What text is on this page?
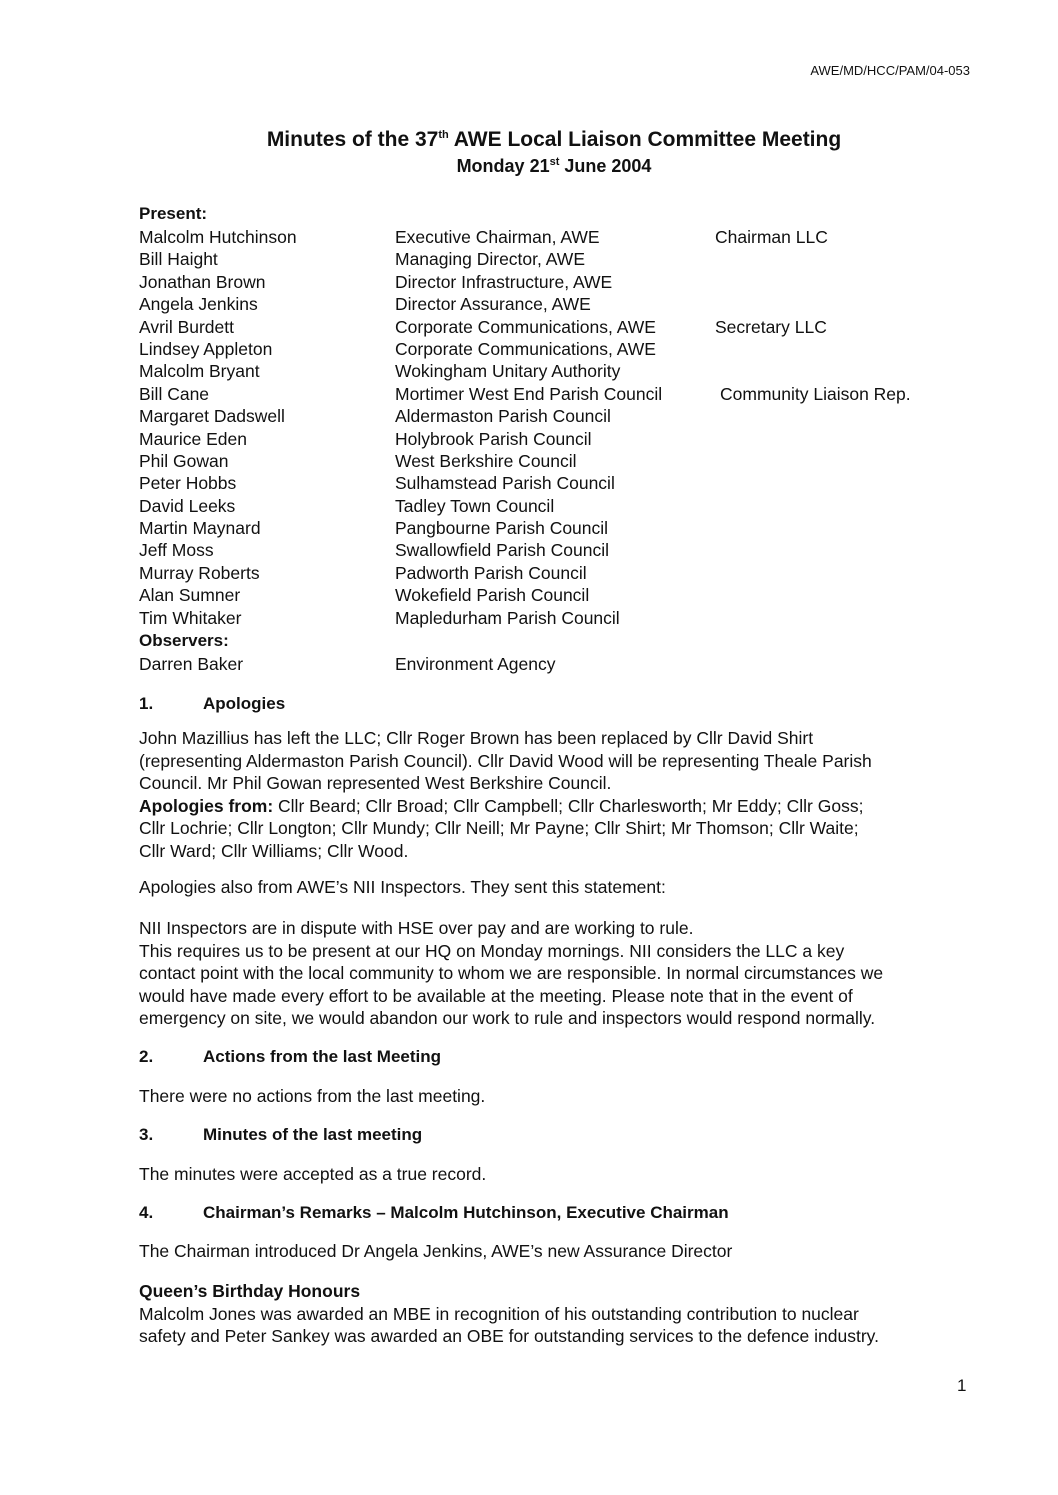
AWE/MD/HCC/PAM/04-053
Minutes of the 37th AWE Local Liaison Committee Meeting
Monday 21st June 2004
Present:
Malcolm Hutchinson	Executive Chairman, AWE	Chairman LLC
Bill Haight	Managing Director, AWE
Jonathan Brown	Director Infrastructure, AWE
Angela Jenkins	Director Assurance, AWE
Avril Burdett	Corporate Communications, AWE	Secretary LLC
Lindsey Appleton	Corporate Communications, AWE
Malcolm Bryant	Wokingham Unitary Authority
Bill Cane	Mortimer West End Parish Council	Community Liaison Rep.
Margaret Dadswell	Aldermaston Parish Council
Maurice Eden	Holybrook Parish Council
Phil Gowan	West Berkshire Council
Peter Hobbs	Sulhamstead Parish Council
David Leeks	Tadley Town Council
Martin Maynard	Pangbourne Parish Council
Jeff Moss	Swallowfield Parish Council
Murray Roberts	Padworth Parish Council
Alan Sumner	Wokefield Parish Council
Tim Whitaker	Mapledurham Parish Council
Observers:
Darren Baker	Environment Agency
1.	Apologies
John Mazillius has left the LLC; Cllr Roger Brown has been replaced by Cllr David Shirt
(representing Aldermaston Parish Council). Cllr David Wood will be representing Theale Parish
Council. Mr Phil Gowan represented West Berkshire Council.
Apologies from: Cllr Beard; Cllr Broad; Cllr Campbell; Cllr Charlesworth; Mr Eddy; Cllr Goss;
Cllr Lochrie; Cllr Longton; Cllr Mundy; Cllr Neill; Mr Payne; Cllr Shirt; Mr Thomson; Cllr Waite;
Cllr Ward; Cllr Williams; Cllr Wood.
Apologies also from AWE’s NII Inspectors. They sent this statement:
NII Inspectors are in dispute with HSE over pay and are working to rule.
This requires us to be present at our HQ on Monday mornings. NII considers the LLC a key
contact point with the local community to whom we are responsible. In normal circumstances we
would have made every effort to be available at the meeting. Please note that in the event of
emergency on site, we would abandon our work to rule and inspectors would respond normally.
2.	Actions from the last Meeting
There were no actions from the last meeting.
3.	Minutes of the last meeting
The minutes were accepted as a true record.
4.	Chairman’s Remarks – Malcolm Hutchinson, Executive Chairman
The Chairman introduced Dr Angela Jenkins, AWE’s new Assurance Director
Queen’s Birthday Honours
Malcolm Jones was awarded an MBE in recognition of his outstanding contribution to nuclear
safety and Peter Sankey was awarded an OBE for outstanding services to the defence industry.
1
